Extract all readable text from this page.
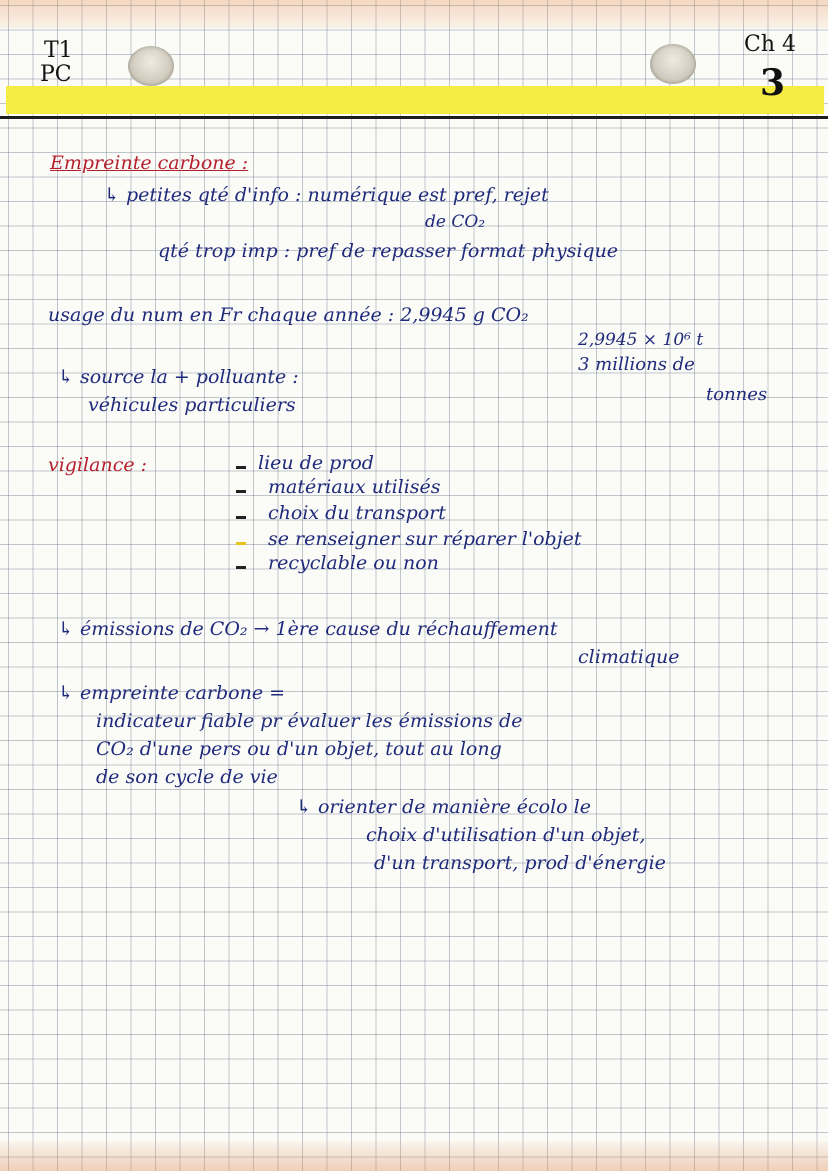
T1
PC
Ch 4
3
Empreinte carbone :
↳ petites qté d'info : numérique est pref, rejet
de CO₂
qté trop imp : pref de repasser format physique
usage du num en Fr chaque année : 2,9945 g CO₂
2,9945 × 10⁶ t
3 millions de
tonnes
↳ source la + polluante :
véhicules particuliers
vigilance :	lieu de prod
matériaux utilisés
choix du transport
se renseigner sur réparer l'objet
recyclable ou non
↳ émissions de CO₂ → 1ère cause du réchauffement
climatique
↳ empreinte carbone =
indicateur fiable pr évaluer les émissions de
CO₂ d'une pers ou d'un objet, tout au long
de son cycle de vie
↳ orienter de manière écolo le
choix d'utilisation d'un objet,
d'un transport, prod d'énergie
